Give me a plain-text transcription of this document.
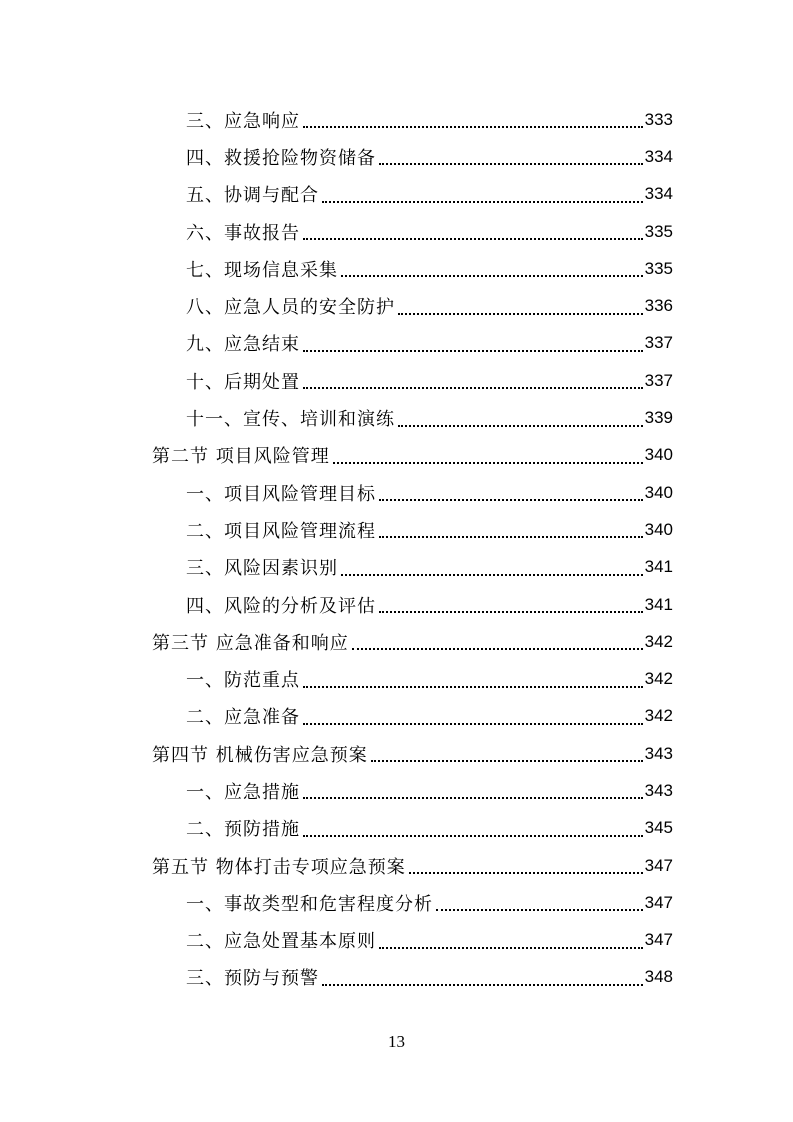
三、应急响应	333
四、救援抢险物资储备	334
五、协调与配合	334
六、事故报告	335
七、现场信息采集	335
八、应急人员的安全防护	336
九、应急结束	337
十、后期处置	337
十一、宣传、培训和演练	339
第二节 项目风险管理	340
一、项目风险管理目标	340
二、项目风险管理流程	340
三、风险因素识别	341
四、风险的分析及评估	341
第三节 应急准备和响应	342
一、防范重点	342
二、应急准备	342
第四节 机械伤害应急预案	343
一、应急措施	343
二、预防措施	345
第五节 物体打击专项应急预案	347
一、事故类型和危害程度分析	347
二、应急处置基本原则	347
三、预防与预警	348
13
